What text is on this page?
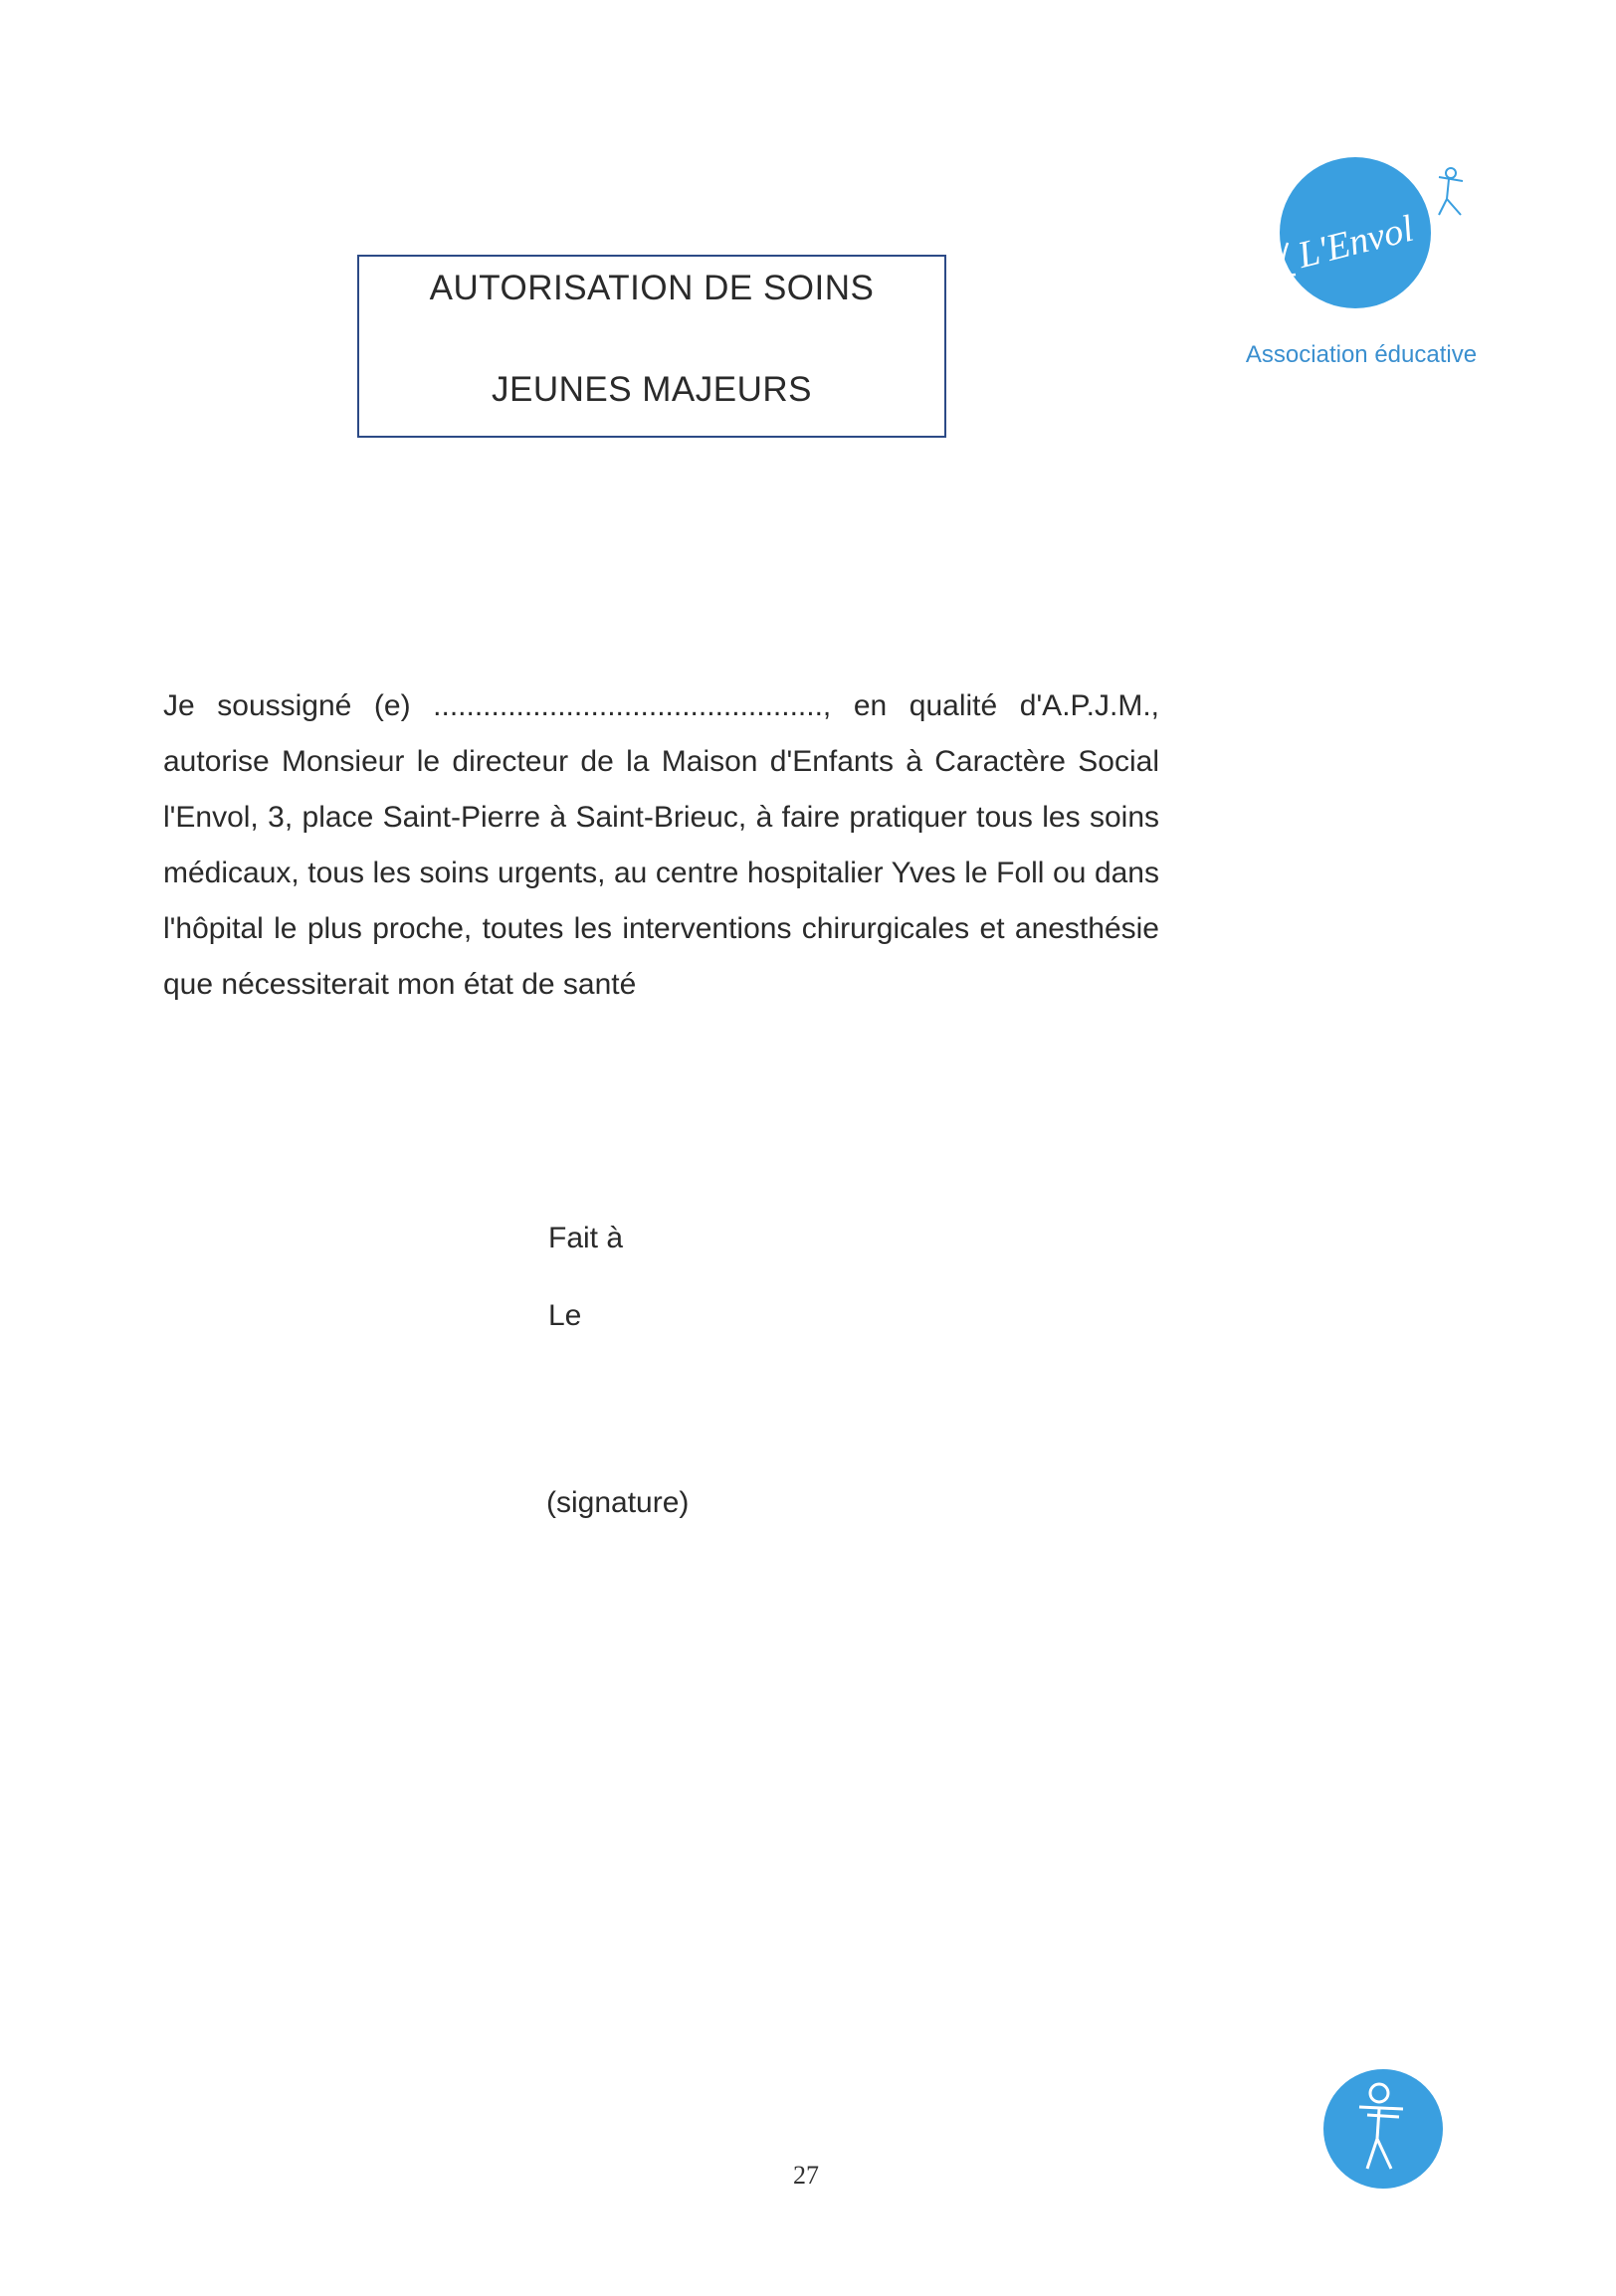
AUTORISATION DE SOINS
JEUNES MAJEURS
L'Envol
Association éducative
Je soussigné (e) ..............................................., en qualité d'A.P.J.M., autorise Monsieur le directeur de la Maison d'Enfants à Caractère Social l'Envol, 3, place Saint-Pierre à Saint-Brieuc, à faire pratiquer tous les soins médicaux, tous les soins urgents, au centre hospitalier Yves le Foll ou dans l'hôpital le plus proche, toutes les interventions chirurgicales et anesthésie que nécessiterait mon état de santé
Fait à
Le
(signature)
27
